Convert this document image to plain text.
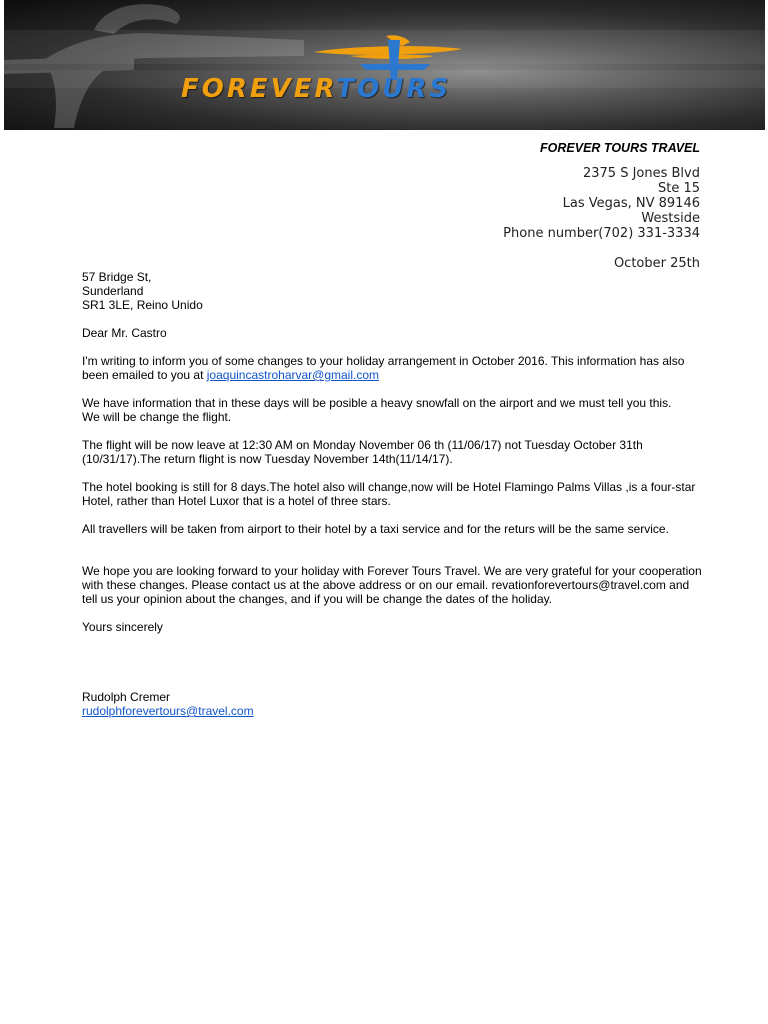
FOREVERTOURS
FOREVER TOURS TRAVEL
2375 S Jones Blvd
Ste 15
Las Vegas, NV 89146
Westside
Phone number(702) 331-3334
October 25th
57 Bridge St,
Sunderland
SR1 3LE, Reino Unido

Dear Mr. Castro

I'm writing to inform you of some changes to your holiday arrangement in October 2016. This information has also been emailed to you at joaquincastroharvar@gmail.com

We have information that in these days will be posible a heavy snowfall on the airport and we must tell you this.
We will be change the flight.

The flight will be now leave at 12:30 AM on Monday November 06 th (11/06/17) not Tuesday October 31th (10/31/17).The return flight is now Tuesday November 14th(11/14/17).

The hotel booking is still for 8 days.The hotel also will change,now will be Hotel Flamingo Palms Villas ,is a four-star Hotel, rather than Hotel Luxor that is a hotel of three stars.

All travellers will be taken from airport to their hotel by a taxi service and for the returs will be the same service.

We hope you are looking forward to your holiday with Forever Tours Travel. We are very grateful for your cooperation with these changes. Please contact us at the above address or on our email. revationforevertours@travel.com and tell us your opinion about the changes, and if you will be change the dates of the holiday.

Yours sincerely

Rudolph Cremer
rudolphforevertours@travel.com
